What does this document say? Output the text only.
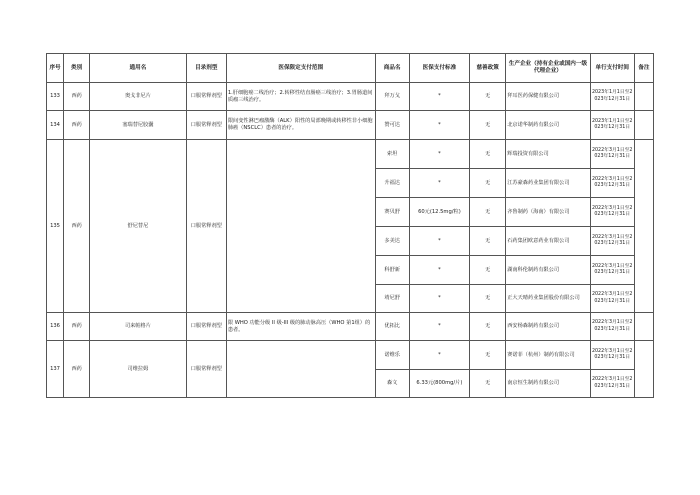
序号	类别	通用名	目录剂型	医保限定支付范围	商品名	医保支付标准	慈善政策	生产企业（持有企业或国内一级代理企业）	单行支付时间	备注
133	西药	奥戈非尼片	口服常释剂型	1.肝细胞癌二线治疗；2.转移性结直肠癌三线治疗；3.胃肠道间质瘤三线治疗。	拜万戈	*	无	拜耳医药保健有限公司	2023年1月1日至2023年12月31日	
134	西药	塞瑞替尼胶囊	口服常释剂型	限间变性淋巴瘤激酶（ALK）阳性的局部晚期或转移性非小细胞肺癌（NSCLC）患者的治疗。	赞可达	*	无	北京诺华制药有限公司	2023年1月1日至2023年12月31日	
135	西药	舒尼替尼	口服常释剂型		索坦	*	无	辉瑞投资有限公司	2022年3月1日至2023年12月31日	
					升福达	*	无	江苏豪森药业集团有限公司	2022年3月1日至2023年12月31日	
					赛贝舒	60元(12.5mg/粒)	无	齐鲁制药（海南）有限公司	2022年3月1日至2023年12月31日	
					多美达	*	无	石药集团欧意药业有限公司	2022年3月1日至2023年12月31日	
					科舒新	*	无	湖南科伦制药有限公司	2022年3月1日至2023年12月31日	
					靖尼舒	*	无	正大天晴药业集团股份有限公司	2022年3月1日至2023年12月31日	
136	西药	司来帕格片	口服常释剂型	限 WHO 功能分级 II 级-III 级的肺动脉高压（WHO 第1组）的患者。	优拓比	*	无	西安杨森制药有限公司	2022年3月1日至2023年12月31日	
137	西药	司维拉姆	口服常释剂型		诺维乐	*	无	赛诺菲（杭州）制药有限公司	2022年3月1日至2023年12月31日	
					森文	6.33元(800mg/片)	无	南京恒生制药有限公司	2022年3月1日至2023年12月31日	
